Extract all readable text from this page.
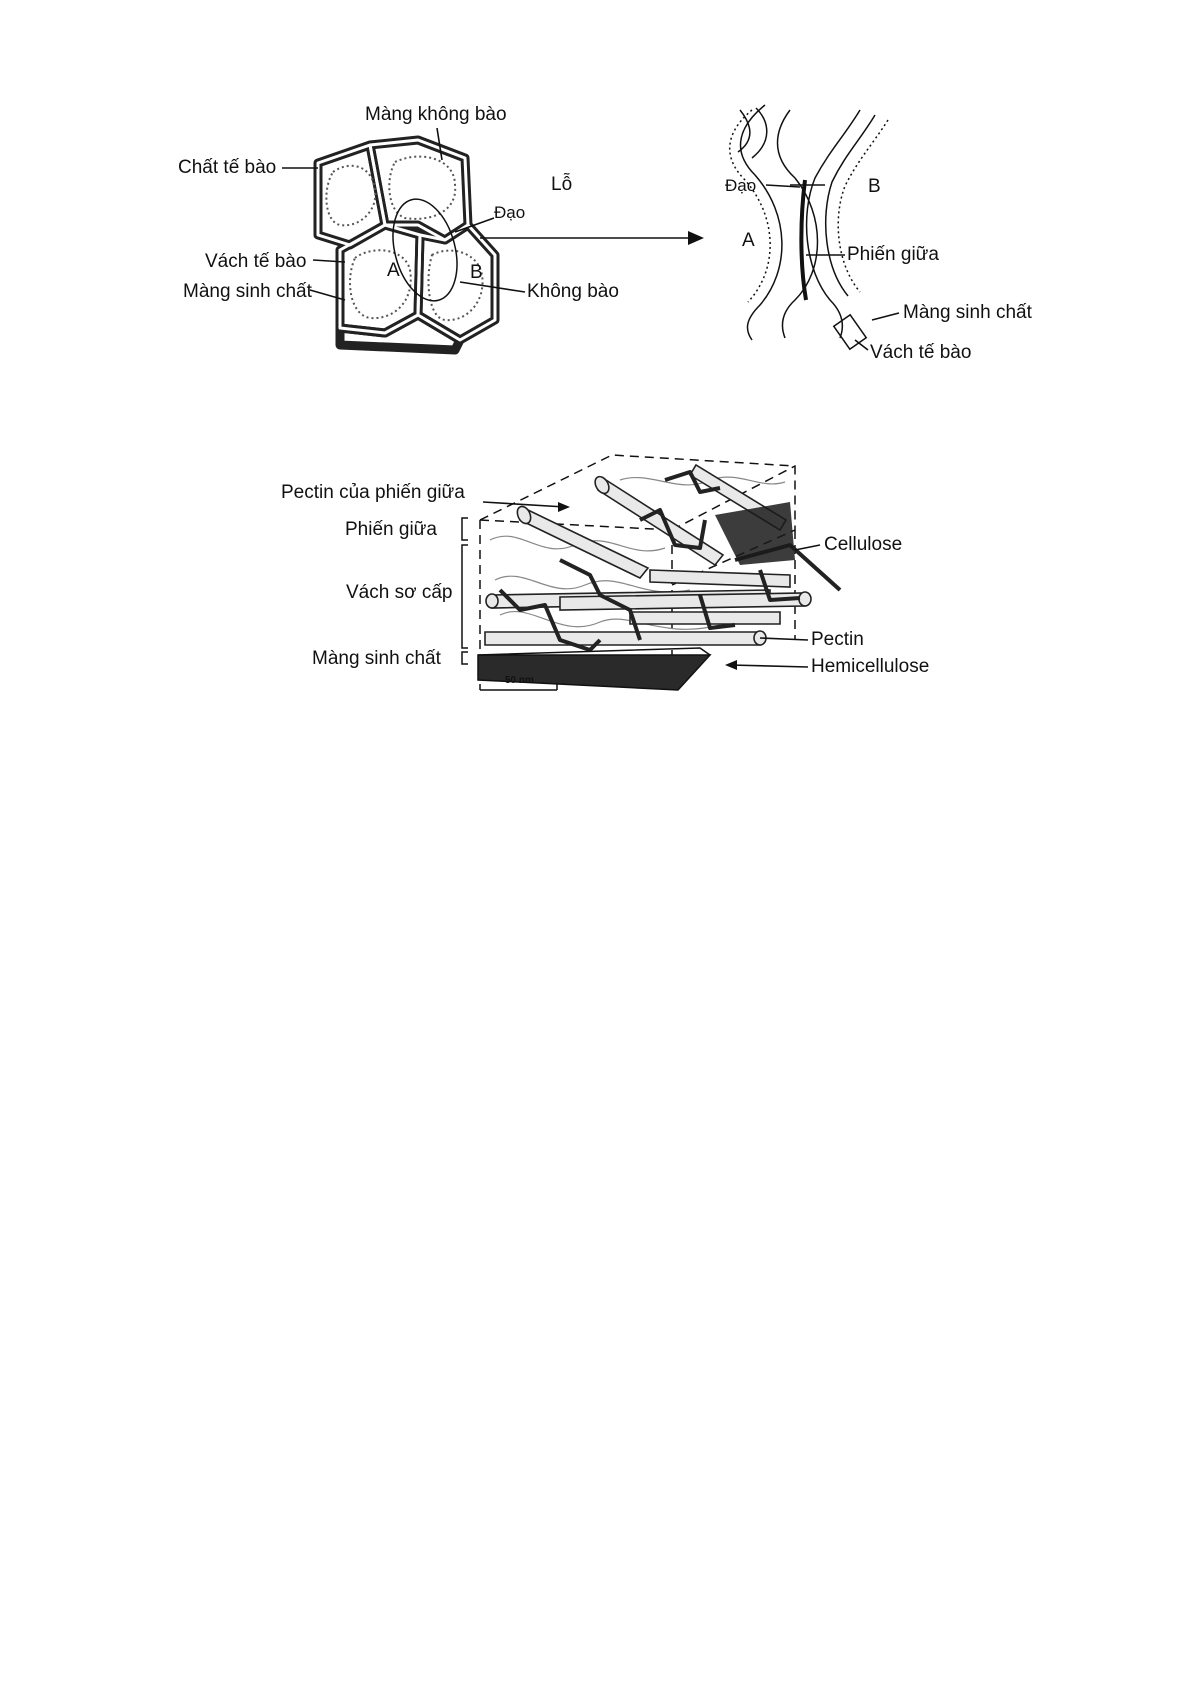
Màng không bào
Chất tế bào
Lỗ
Đạo
Vách tế bào
Màng sinh chất	Không bào
A	B
Đạo	B
A
Phiến giữa
Màng sinh chất
Vách tế bào
50 nm
Pectin của phiến giữa
Phiến giữa
Cellulose
Vách sơ cấp
Pectin
Màng sinh chất	Hemicellulose
